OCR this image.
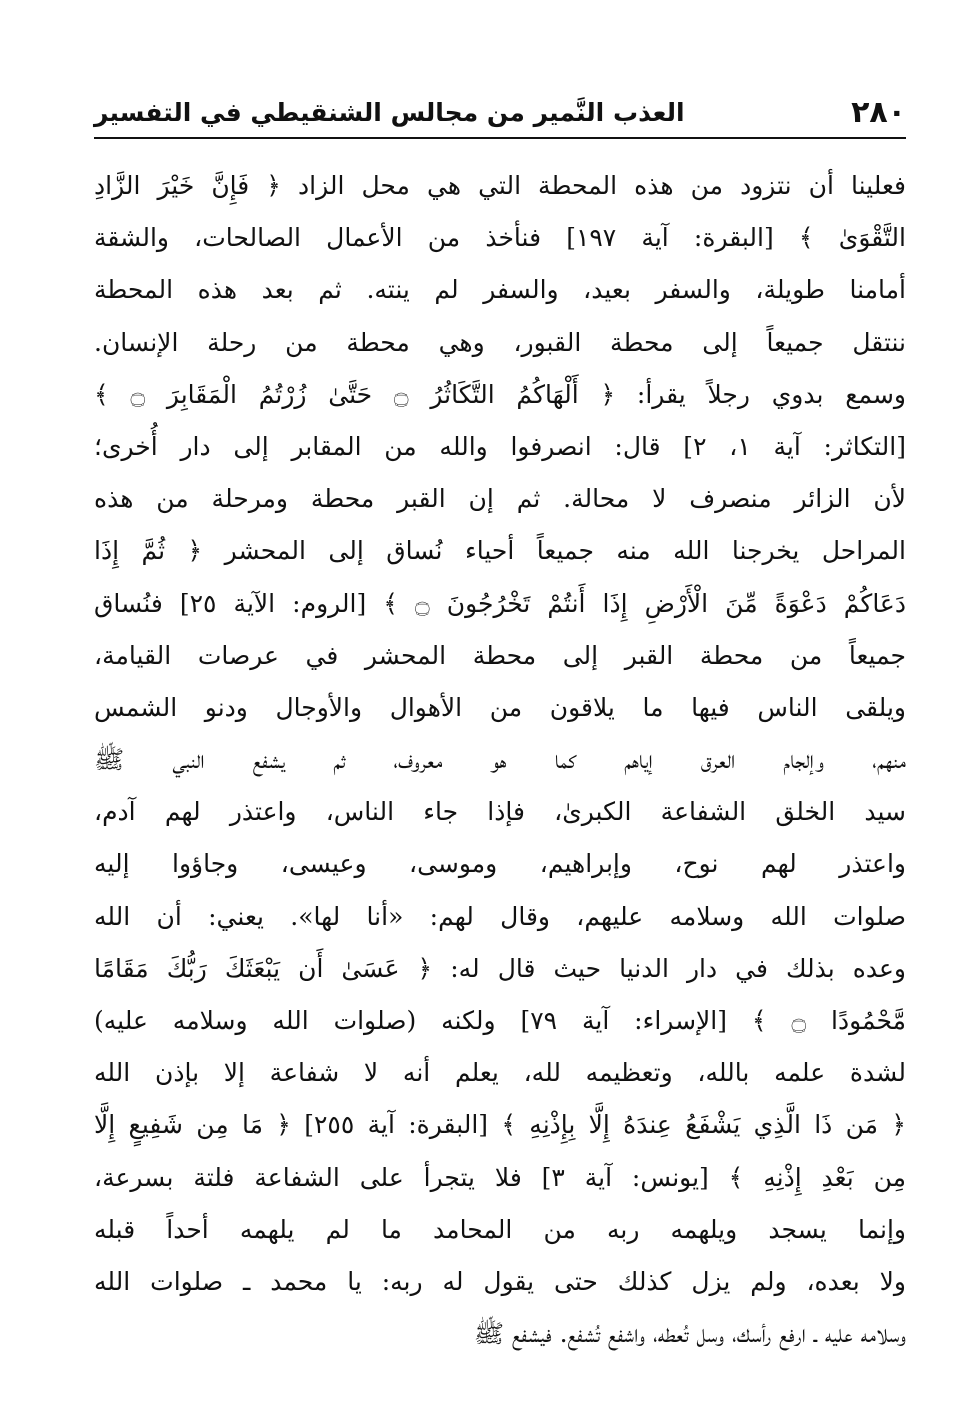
٢٨٠
العذب النَّمير من مجالس الشنقيطي في التفسير
فعلينا أن نتزود من هذه المحطة التي هي محل الزاد ﴿ فَإِنَّ خَيْرَ الزَّادِ
التَّقْوَىٰ ﴾ [البقرة: آية ١٩٧] فنأخذ من الأعمال الصالحات، والشقة
أمامنا طويلة، والسفر بعيد، والسفر لم ينته. ثم بعد هذه المحطة
ننتقل جميعاً إلى محطة القبور، وهي محطة من رحلة الإنسان.
وسمع بدوي رجلاً يقرأ: ﴿ أَلْهَاكُمُ التَّكَاثُرُ ۝ حَتَّىٰ زُرْتُمُ الْمَقَابِرَ ۝ ﴾
[التكاثر: آية ١، ٢] قال: انصرفوا والله من المقابر إلى دار أُخرى؛
لأن الزائر منصرف لا محالة. ثم إن القبر محطة ومرحلة من هذه
المراحل يخرجنا الله منه جميعاً أحياء نُساق إلى المحشر ﴿ ثُمَّ إِذَا
دَعَاكُمْ دَعْوَةً مِّنَ الْأَرْضِ إِذَا أَنتُمْ تَخْرُجُونَ ۝ ﴾ [الروم: الآية ٢٥] فنُساق
جميعاً من محطة القبر إلى محطة المحشر في عرصات القيامة،
ويلقى الناس فيها ما يلاقون من الأهوال والأوجال ودنو الشمس
منهم، وإلجام العرق إياهم كما هو معروف، ثم يشفع النبي ﷺ
سيد الخلق الشفاعة الكبرىٰ، فإذا جاء الناس، واعتذر لهم آدم،
واعتذر لهم نوح، وإبراهيم، وموسى، وعيسى، وجاؤوا إليه
صلوات الله وسلامه عليهم، وقال لهم: «أنا لها». يعني: أن الله
وعده بذلك في دار الدنيا حيث قال له: ﴿ عَسَىٰ أَن يَبْعَثَكَ رَبُّكَ مَقَامًا
مَّحْمُودًا ۝ ﴾ [الإسراء: آية ٧٩] ولكنه (صلوات الله وسلامه عليه)
لشدة علمه بالله، وتعظيمه لله، يعلم أنه لا شفاعة إلا بإذن الله
﴿ مَن ذَا الَّذِي يَشْفَعُ عِندَهُ إِلَّا بِإِذْنِهِ ﴾ [البقرة: آية ٢٥٥] ﴿ مَا مِن شَفِيعٍ إِلَّا
مِن بَعْدِ إِذْنِهِ ﴾ [يونس: آية ٣] فلا يتجرأ على الشفاعة فلتة بسرعة،
وإنما يسجد ويلهمه ربه من المحامد ما لم يلهمه أحداً قبله
ولا بعده، ولم يزل كذلك حتى يقول له ربه: يا محمد ـ صلوات الله
وسلامه عليه ـ ارفع رأسك، وسل تُعطه، واشفع تُشفع. فيشفع ﷺ
